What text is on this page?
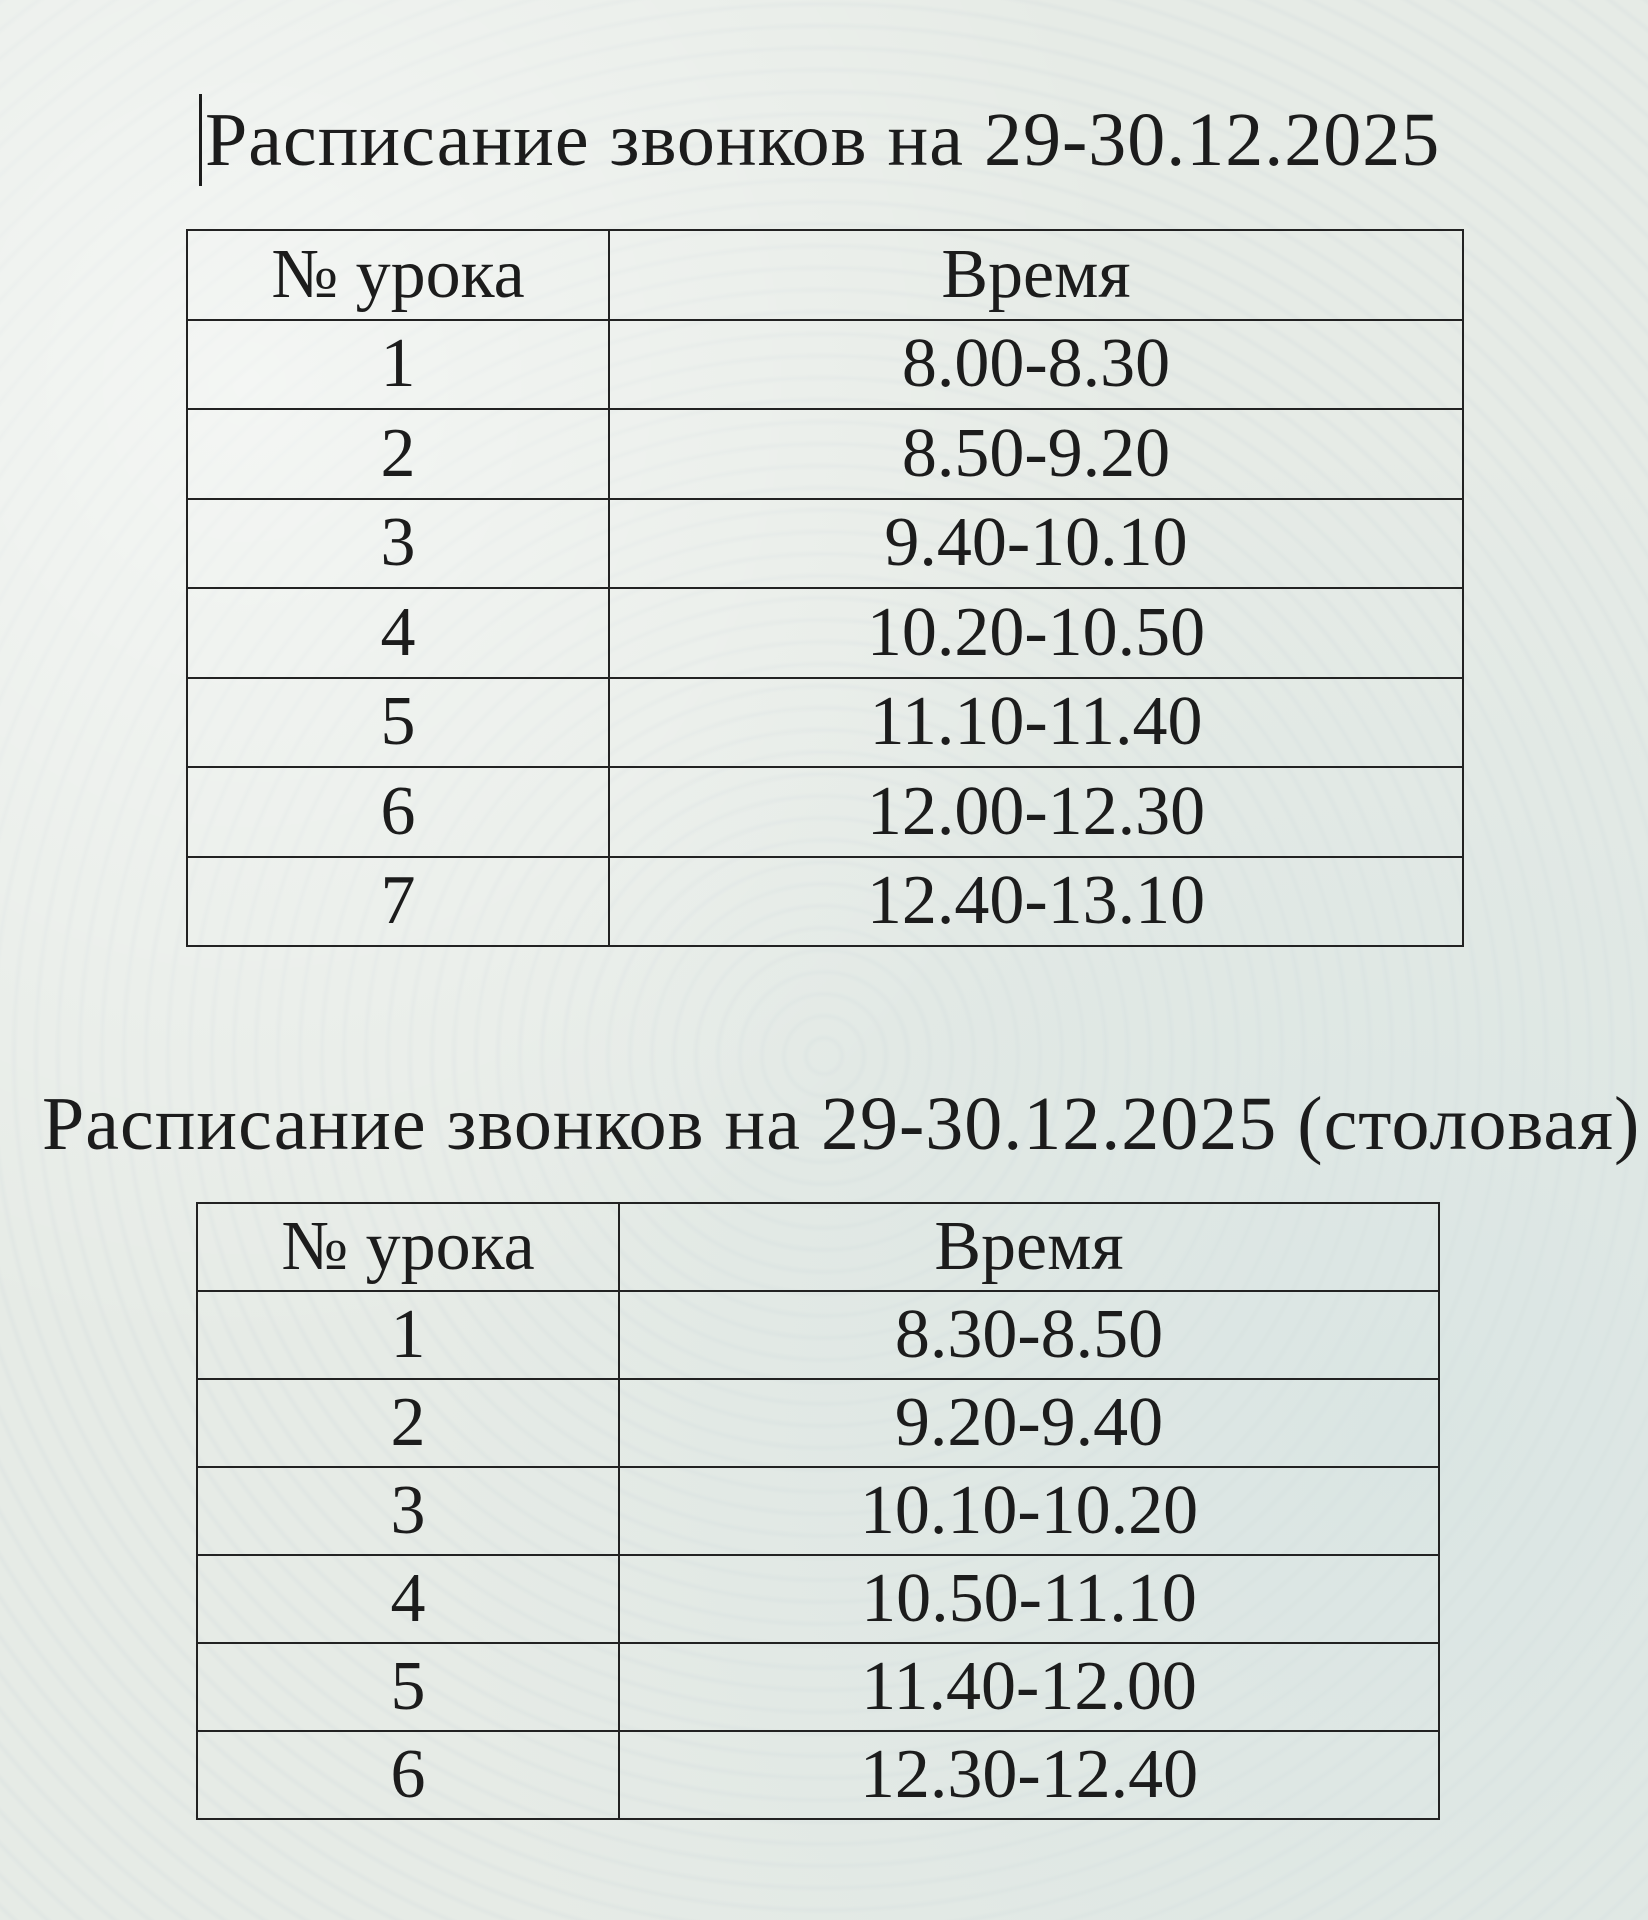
Расписание звонков на 29-30.12.2025
№ урока	Время
1	8.00-8.30
2	8.50-9.20
3	9.40-10.10
4	10.20-10.50
5	11.10-11.40
6	12.00-12.30
7	12.40-13.10
Расписание звонков на 29-30.12.2025 (столовая)
№ урока	Время
1	8.30-8.50
2	9.20-9.40
3	10.10-10.20
4	10.50-11.10
5	11.40-12.00
6	12.30-12.40
